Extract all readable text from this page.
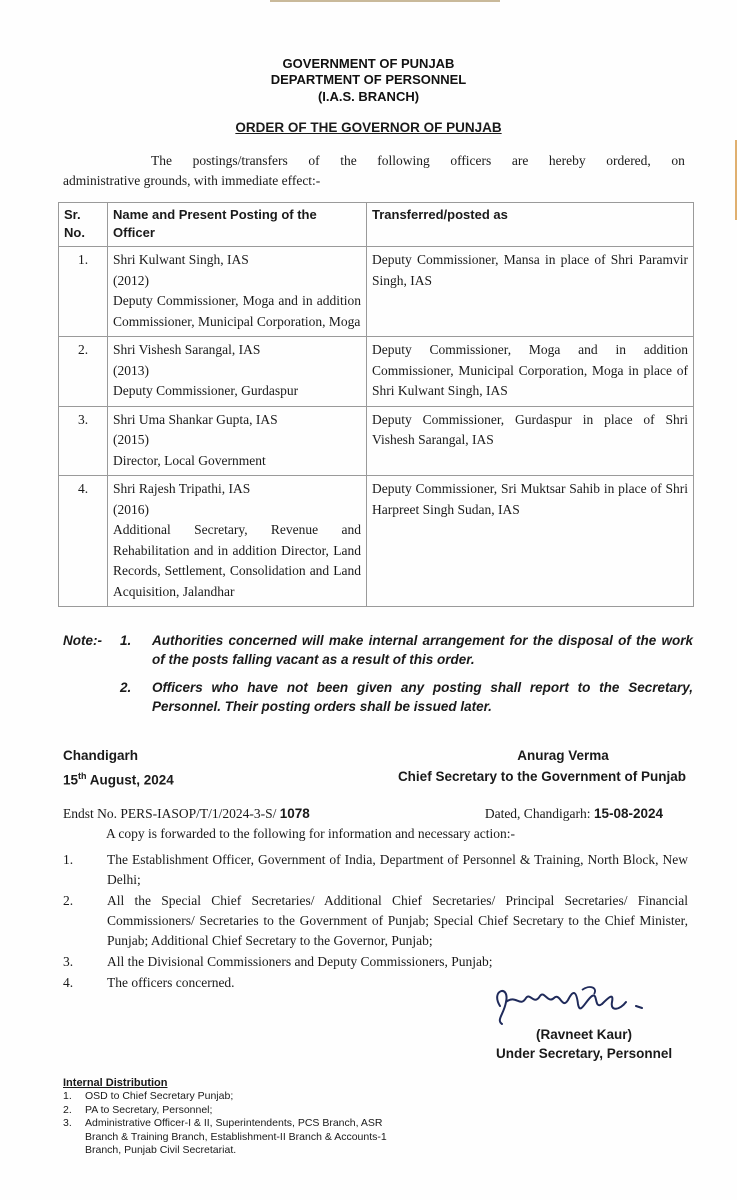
GOVERNMENT OF PUNJAB
DEPARTMENT OF PERSONNEL
(I.A.S. BRANCH)
ORDER OF THE GOVERNOR OF PUNJAB
The postings/transfers of the following officers are hereby ordered, on
administrative grounds, with immediate effect:-
Sr. No.	Name and Present Posting of the Officer	Transferred/posted as
1.	Shri Kulwant Singh, IAS
(2012)
Deputy Commissioner, Moga and in addition Commissioner, Municipal Corporation, Moga	Deputy Commissioner, Mansa in place of Shri Paramvir Singh, IAS
2.	Shri Vishesh Sarangal, IAS
(2013)
Deputy Commissioner, Gurdaspur	Deputy Commissioner, Moga and in addition Commissioner, Municipal Corporation, Moga in place of Shri Kulwant Singh, IAS
3.	Shri Uma Shankar Gupta, IAS
(2015)
Director, Local Government	Deputy Commissioner, Gurdaspur in place of Shri Vishesh Sarangal, IAS
4.	Shri Rajesh Tripathi, IAS
(2016)
Additional Secretary, Revenue and Rehabilitation and in addition Director, Land Records, Settlement, Consolidation and Land Acquisition, Jalandhar	Deputy Commissioner, Sri Muktsar Sahib in place of Shri Harpreet Singh Sudan, IAS
Note:-	1.	Authorities concerned will make internal arrangement for the disposal of the work of the posts falling vacant as a result of this order.
2.	Officers who have not been given any posting shall report to the Secretary, Personnel. Their posting orders shall be issued later.
Chandigarh
15th August, 2024
Anurag Verma
Chief Secretary to the Government of Punjab
Endst No. PERS-IASOP/T/1/2024-3-S/ 1078	Dated, Chandigarh: 15-08-2024
A copy is forwarded to the following for information and necessary action:-
1.	The Establishment Officer, Government of India, Department of Personnel & Training, North Block, New Delhi;
2.	All the Special Chief Secretaries/ Additional Chief Secretaries/ Principal Secretaries/ Financial Commissioners/ Secretaries to the Government of Punjab; Special Chief Secretary to the Chief Minister, Punjab; Additional Chief Secretary to the Governor, Punjab;
3.	All the Divisional Commissioners and Deputy Commissioners, Punjab;
4.	The officers concerned.
(Ravneet Kaur)
Under Secretary, Personnel
Internal Distribution
1.	OSD to Chief Secretary Punjab;
2.	PA to Secretary, Personnel;
3.	Administrative Officer-I & II, Superintendents, PCS Branch, ASR Branch & Training Branch, Establishment-II Branch & Accounts-1 Branch, Punjab Civil Secretariat.
